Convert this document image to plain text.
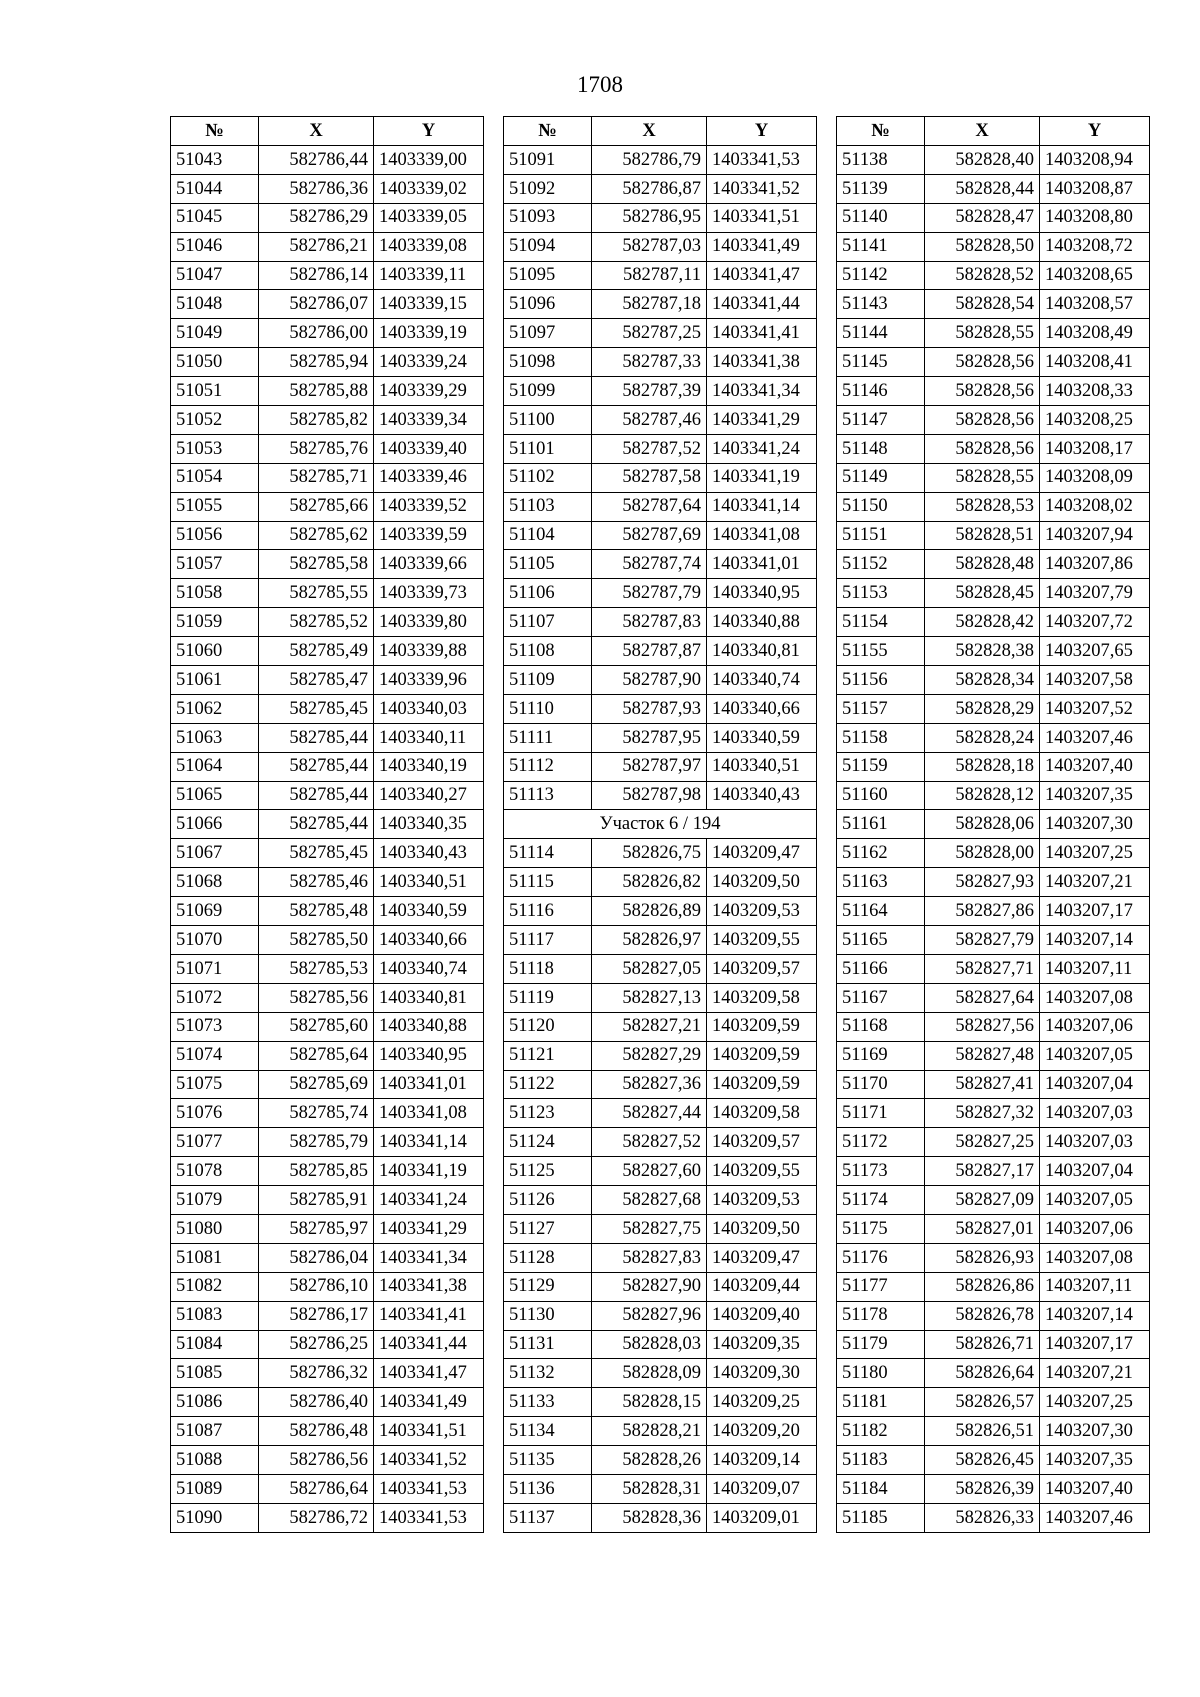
1708
№	X	Y
51043	582786,44	1403339,00
51044	582786,36	1403339,02
51045	582786,29	1403339,05
51046	582786,21	1403339,08
51047	582786,14	1403339,11
51048	582786,07	1403339,15
51049	582786,00	1403339,19
51050	582785,94	1403339,24
51051	582785,88	1403339,29
51052	582785,82	1403339,34
51053	582785,76	1403339,40
51054	582785,71	1403339,46
51055	582785,66	1403339,52
51056	582785,62	1403339,59
51057	582785,58	1403339,66
51058	582785,55	1403339,73
51059	582785,52	1403339,80
51060	582785,49	1403339,88
51061	582785,47	1403339,96
51062	582785,45	1403340,03
51063	582785,44	1403340,11
51064	582785,44	1403340,19
51065	582785,44	1403340,27
51066	582785,44	1403340,35
51067	582785,45	1403340,43
51068	582785,46	1403340,51
51069	582785,48	1403340,59
51070	582785,50	1403340,66
51071	582785,53	1403340,74
51072	582785,56	1403340,81
51073	582785,60	1403340,88
51074	582785,64	1403340,95
51075	582785,69	1403341,01
51076	582785,74	1403341,08
51077	582785,79	1403341,14
51078	582785,85	1403341,19
51079	582785,91	1403341,24
51080	582785,97	1403341,29
51081	582786,04	1403341,34
51082	582786,10	1403341,38
51083	582786,17	1403341,41
51084	582786,25	1403341,44
51085	582786,32	1403341,47
51086	582786,40	1403341,49
51087	582786,48	1403341,51
51088	582786,56	1403341,52
51089	582786,64	1403341,53
51090	582786,72	1403341,53
№	X	Y
51091	582786,79	1403341,53
51092	582786,87	1403341,52
51093	582786,95	1403341,51
51094	582787,03	1403341,49
51095	582787,11	1403341,47
51096	582787,18	1403341,44
51097	582787,25	1403341,41
51098	582787,33	1403341,38
51099	582787,39	1403341,34
51100	582787,46	1403341,29
51101	582787,52	1403341,24
51102	582787,58	1403341,19
51103	582787,64	1403341,14
51104	582787,69	1403341,08
51105	582787,74	1403341,01
51106	582787,79	1403340,95
51107	582787,83	1403340,88
51108	582787,87	1403340,81
51109	582787,90	1403340,74
51110	582787,93	1403340,66
51111	582787,95	1403340,59
51112	582787,97	1403340,51
51113	582787,98	1403340,43
Участок 6 / 194		
51114	582826,75	1403209,47
51115	582826,82	1403209,50
51116	582826,89	1403209,53
51117	582826,97	1403209,55
51118	582827,05	1403209,57
51119	582827,13	1403209,58
51120	582827,21	1403209,59
51121	582827,29	1403209,59
51122	582827,36	1403209,59
51123	582827,44	1403209,58
51124	582827,52	1403209,57
51125	582827,60	1403209,55
51126	582827,68	1403209,53
51127	582827,75	1403209,50
51128	582827,83	1403209,47
51129	582827,90	1403209,44
51130	582827,96	1403209,40
51131	582828,03	1403209,35
51132	582828,09	1403209,30
51133	582828,15	1403209,25
51134	582828,21	1403209,20
51135	582828,26	1403209,14
51136	582828,31	1403209,07
51137	582828,36	1403209,01
№	X	Y
51138	582828,40	1403208,94
51139	582828,44	1403208,87
51140	582828,47	1403208,80
51141	582828,50	1403208,72
51142	582828,52	1403208,65
51143	582828,54	1403208,57
51144	582828,55	1403208,49
51145	582828,56	1403208,41
51146	582828,56	1403208,33
51147	582828,56	1403208,25
51148	582828,56	1403208,17
51149	582828,55	1403208,09
51150	582828,53	1403208,02
51151	582828,51	1403207,94
51152	582828,48	1403207,86
51153	582828,45	1403207,79
51154	582828,42	1403207,72
51155	582828,38	1403207,65
51156	582828,34	1403207,58
51157	582828,29	1403207,52
51158	582828,24	1403207,46
51159	582828,18	1403207,40
51160	582828,12	1403207,35
51161	582828,06	1403207,30
51162	582828,00	1403207,25
51163	582827,93	1403207,21
51164	582827,86	1403207,17
51165	582827,79	1403207,14
51166	582827,71	1403207,11
51167	582827,64	1403207,08
51168	582827,56	1403207,06
51169	582827,48	1403207,05
51170	582827,41	1403207,04
51171	582827,32	1403207,03
51172	582827,25	1403207,03
51173	582827,17	1403207,04
51174	582827,09	1403207,05
51175	582827,01	1403207,06
51176	582826,93	1403207,08
51177	582826,86	1403207,11
51178	582826,78	1403207,14
51179	582826,71	1403207,17
51180	582826,64	1403207,21
51181	582826,57	1403207,25
51182	582826,51	1403207,30
51183	582826,45	1403207,35
51184	582826,39	1403207,40
51185	582826,33	1403207,46
